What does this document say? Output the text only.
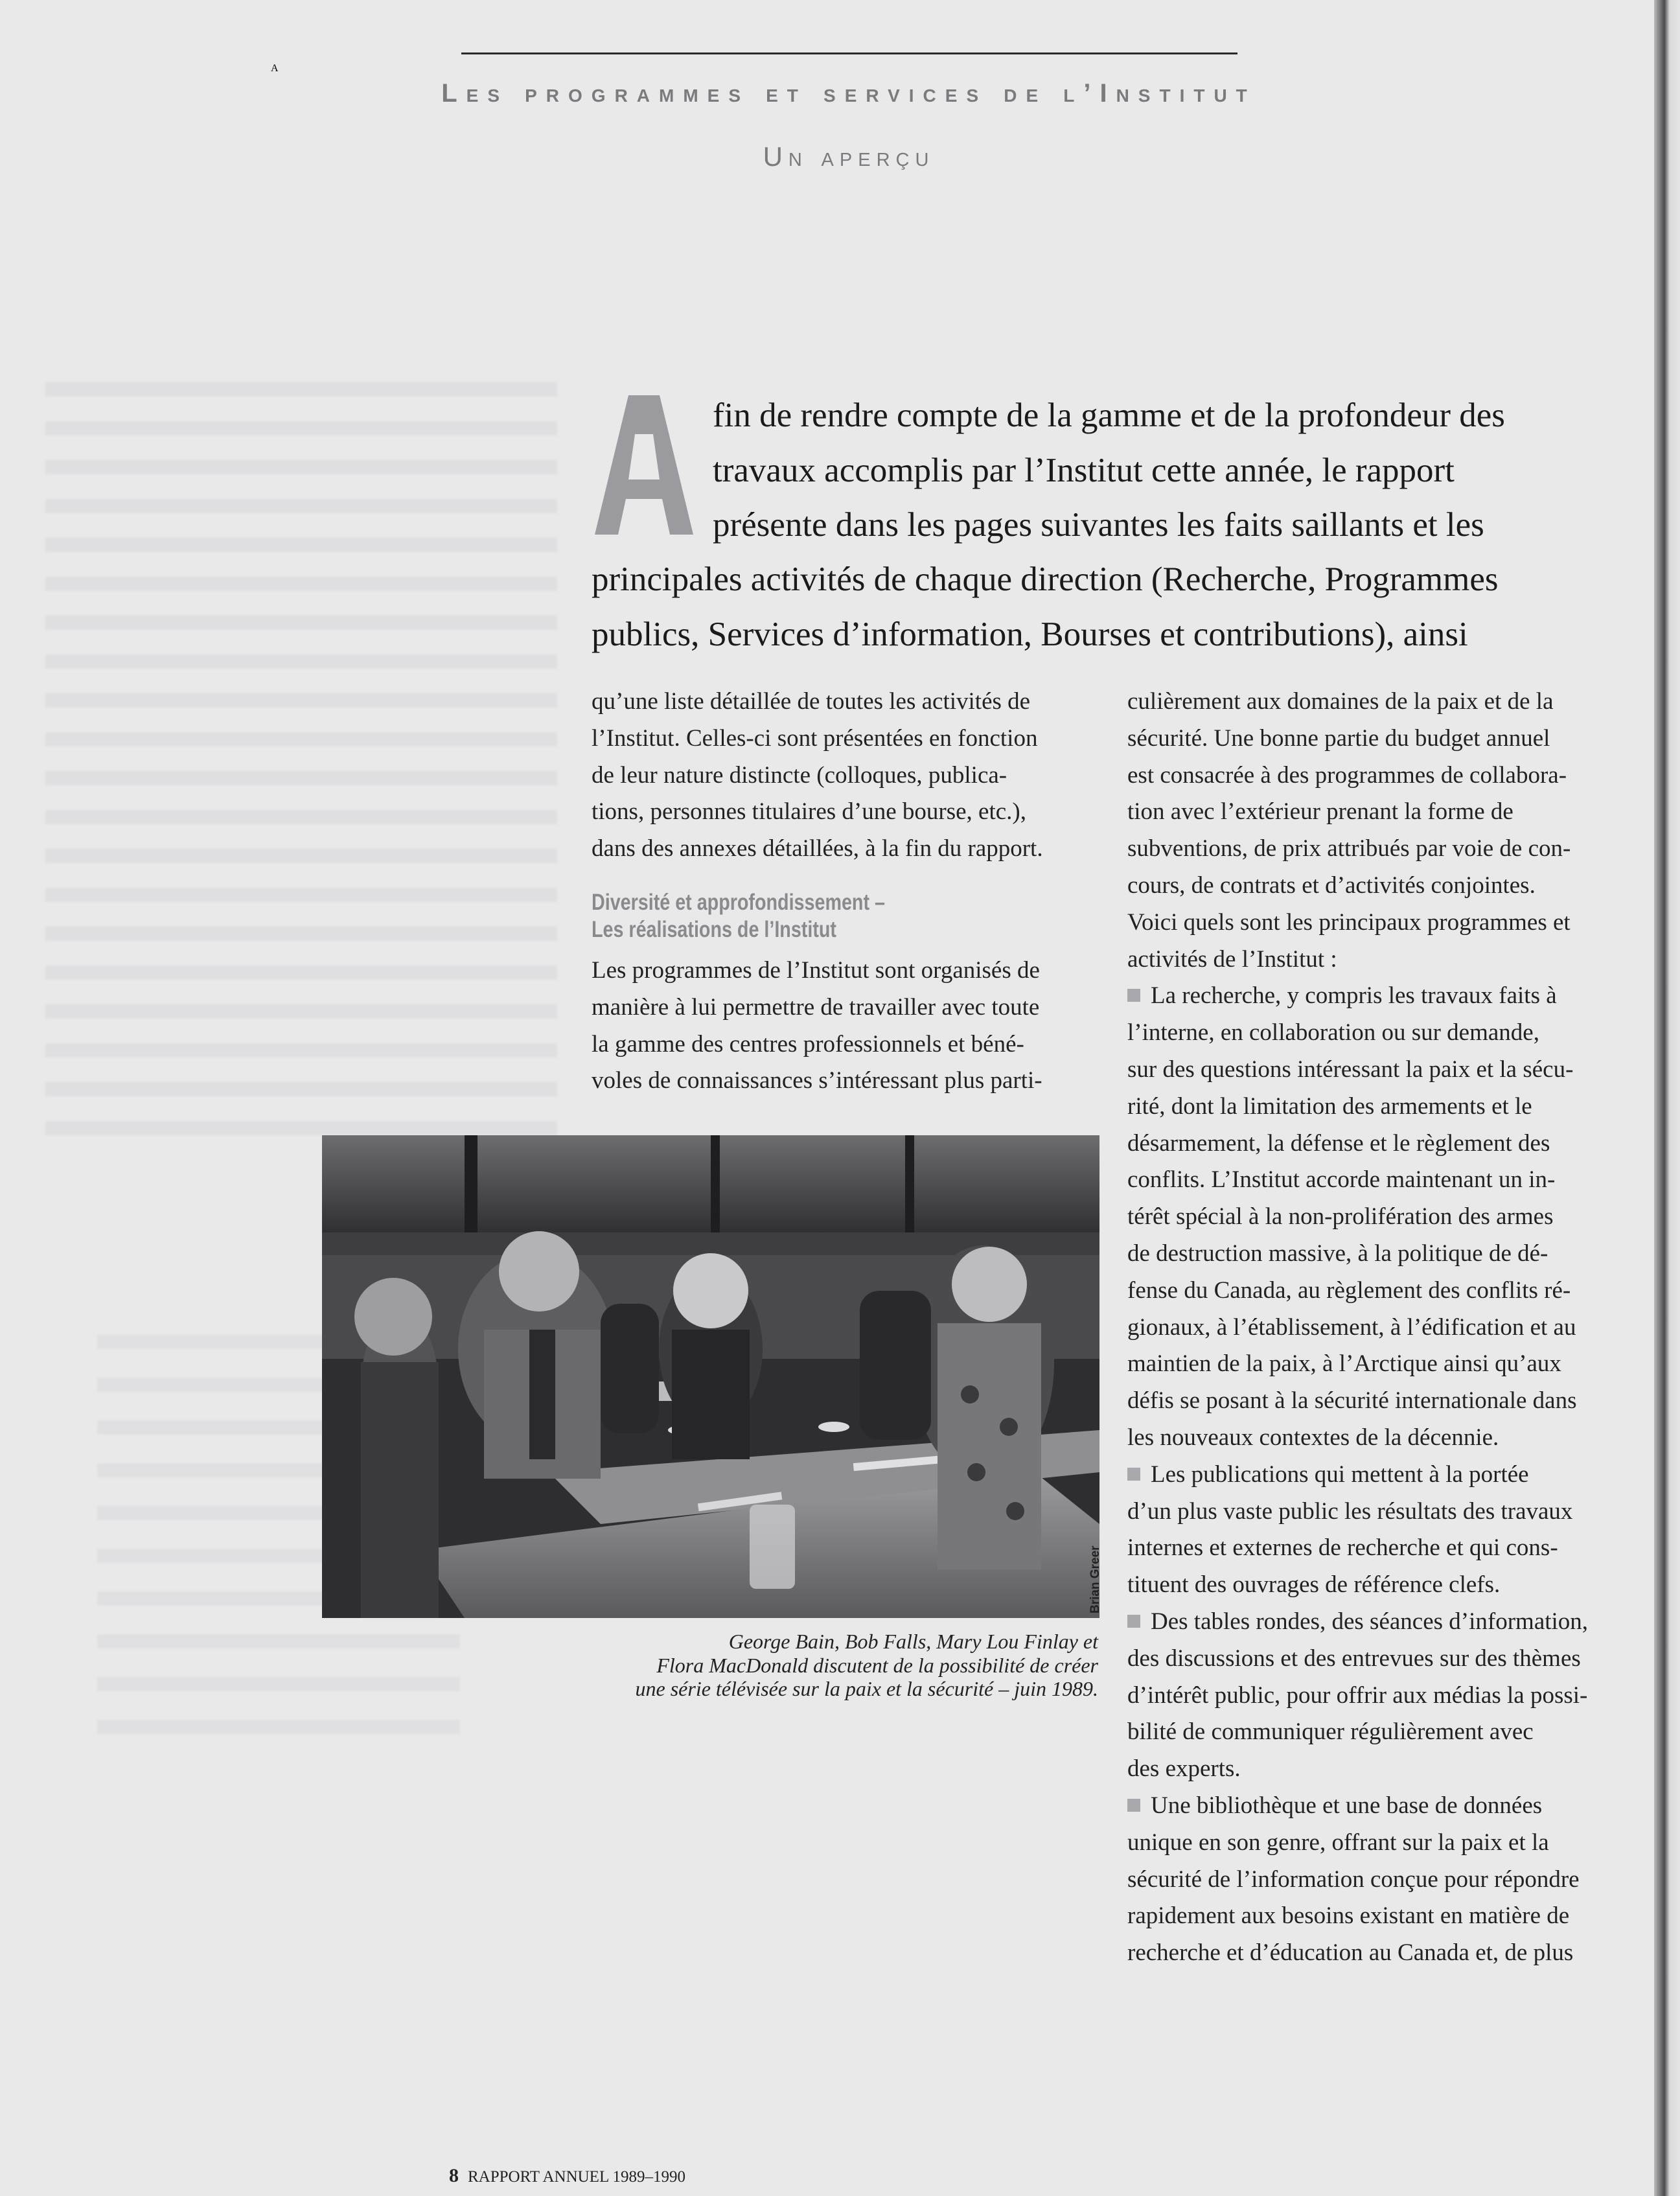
Les programmes et services de l’Institut
Un aperçu
A
fin de rendre compte de la gamme et de la profondeur des
travaux accomplis par l’Institut cette année, le rapport
présente dans les pages suivantes les faits saillants et les
principales activités de chaque direction (Recherche, Programmes
publics, Services d’information, Bourses et contributions), ainsi

qu’une liste détaillée de toutes les activités de

l’Institut. Celles-ci sont présentées en fonction

de leur nature distincte (colloques, publica-

tions, personnes titulaires d’une bourse, etc.),

dans des annexes détaillées, à la fin du rapport.

Diversité et approfondissement –
Les réalisations de l’Institut

Les programmes de l’Institut sont organisés de

manière à lui permettre de travailler avec toute

la gamme des centres professionnels et béné-

voles de connaissances s’intéressant plus parti-

culièrement aux domaines de la paix et de la

sécurité. Une bonne partie du budget annuel

est consacrée à des programmes de collabora-

tion avec l’extérieur prenant la forme de

subventions, de prix attribués par voie de con-

cours, de contrats et d’activités conjointes.

Voici quels sont les principaux programmes et

activités de l’Institut :

La recherche, y compris les travaux faits à

l’interne, en collaboration ou sur demande,

sur des questions intéressant la paix et la sécu-

rité, dont la limitation des armements et le

désarmement, la défense et le règlement des

conflits. L’Institut accorde maintenant un in-

térêt spécial à la non-prolifération des armes

de destruction massive, à la politique de dé-

fense du Canada, au règlement des conflits ré-

gionaux, à l’établissement, à l’édification et au

maintien de la paix, à l’Arctique ainsi qu’aux

défis se posant à la sécurité internationale dans

les nouveaux contextes de la décennie.

Les publications qui mettent à la portée

d’un plus vaste public les résultats des travaux

internes et externes de recherche et qui cons-

tituent des ouvrages de référence clefs.

Des tables rondes, des séances d’information,

des discussions et des entrevues sur des thèmes

d’intérêt public, pour offrir aux médias la possi-

bilité de communiquer régulièrement avec

des experts.

Une bibliothèque et une base de données

unique en son genre, offrant sur la paix et la

sécurité de l’information conçue pour répondre

rapidement aux besoins existant en matière de

recherche et d’éducation au Canada et, de plus

Brian Greer
George Bain, Bob Falls, Mary Lou Finlay et
Flora MacDonald discutent de la possibilité de créer
une série télévisée sur la paix et la sécurité – juin 1989.
8 RAPPORT ANNUEL 1989–1990
